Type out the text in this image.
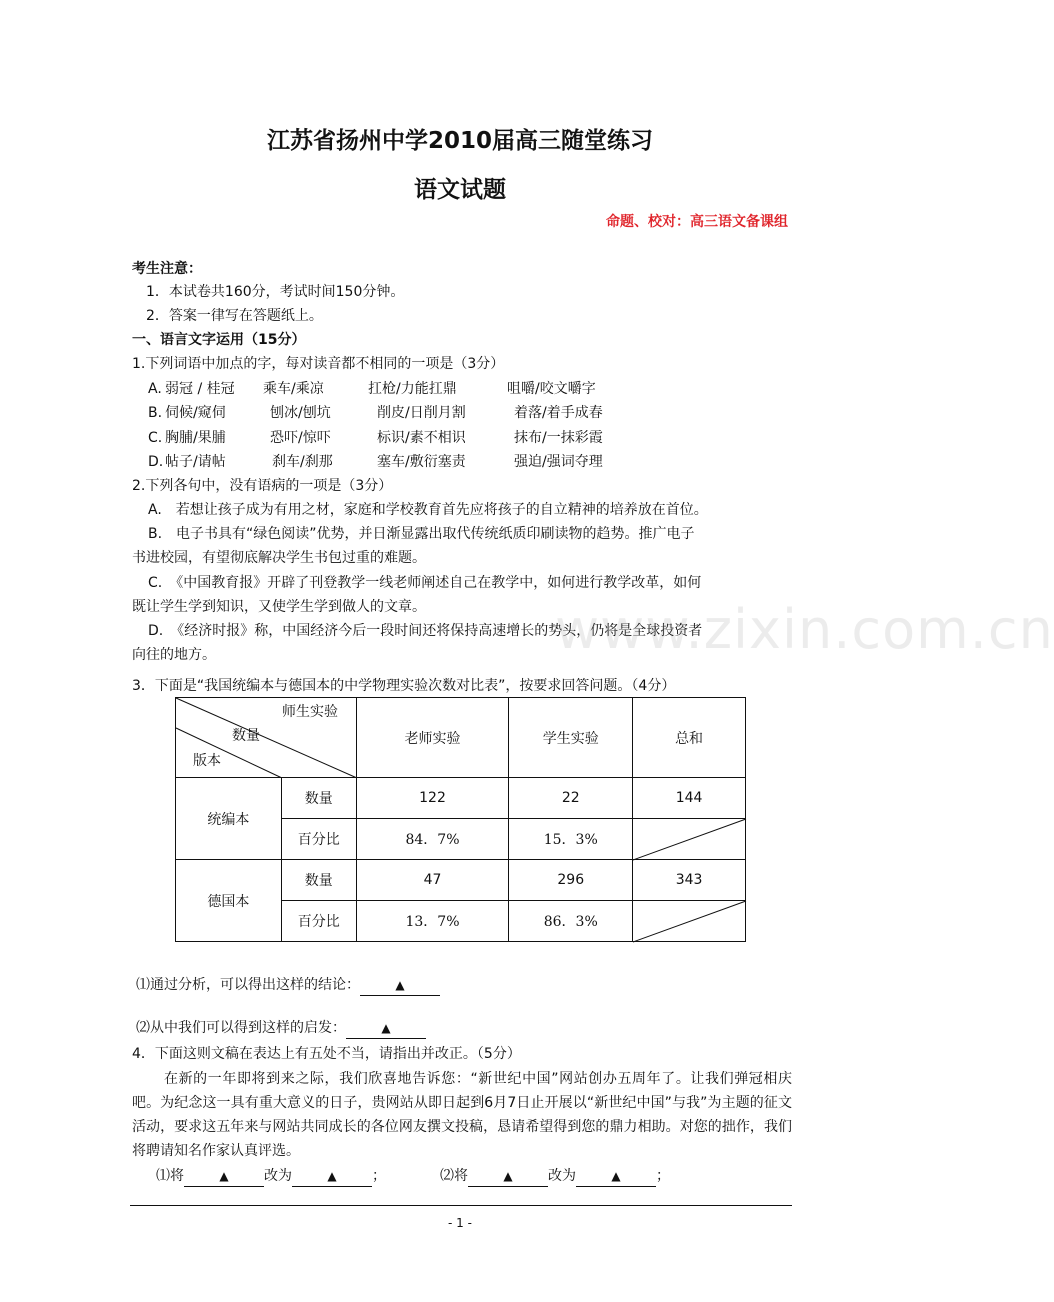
江苏省扬州中学2010届高三随堂练习
语文试题
命题、校对：高三语文备课组
考生注意：
1．本试卷共160分，考试时间150分钟。
2．答案一律写在答题纸上。
一、语言文字运用（15分）
1.下列词语中加点的字，每对读音都不相同的一项是（3分）
A. 弱冠 / 桂冠 乘车/乘凉	扛枪/力能扛鼎	咀嚼/咬文嚼字
B. 伺候/窥伺	刨冰/刨坑	削皮/日削月割	着落/着手成春
C. 胸脯/果脯	恐吓/惊吓	标识/素不相识	抹布/一抹彩霞
D. 帖子/请帖	刹车/刹那	塞车/敷衍塞责	强迫/强词夺理
2.下列各句中，没有语病的一项是（3分）
A.　若想让孩子成为有用之材，家庭和学校教育首先应将孩子的自立精神的培养放在首位。
B.　电子书具有“绿色阅读”优势，并日渐显露出取代传统纸质印刷读物的趋势。推广电子
书进校园，有望彻底解决学生书包过重的难题。
C.　《中国教育报》开辟了刊登教学一线老师阐述自己在教学中，如何进行教学改革，如何
既让学生学到知识，又使学生学到做人的文章。
D.　《经济时报》称，中国经济今后一段时间还将保持高速增长的势头，仍将是全球投资者
向往的地方。	www.zixin.com.cn
3．下面是“我国统编本与德国本的中学物理实验次数对比表”，按要求回答问题。（4分）
师生实验
数量
版本		老师实验	学生实验	总和
统编本	数量	122	22	144
	百分比	84．7%	15．3%	

德国本	数量	47	296	343
	百分比	13．7%	86．3%	
⑴通过分析，可以得出这样的结论：	▲
⑵从中我们可以得到这样的启发：	▲
4．下面这则文稿在表达上有五处不当，请指出并改正。（5分）
在新的一年即将到来之际，我们欣喜地告诉您：“新世纪中国”网站创办五周年了。让我们弹冠相庆吧。为纪念这一具有重大意义的日子，贵网站从即日起到6月7日止开展以“新世纪中国”与我”为主题的征文活动，要求这五年来与网站共同成长的各位网友撰文投稿，恳请希望得到您的鼎力相助。对您的拙作，我们将聘请知名作家认真评选。
⑴将	▲	改为	▲	；	⑵将	▲	改为	▲	；
- 1 -
